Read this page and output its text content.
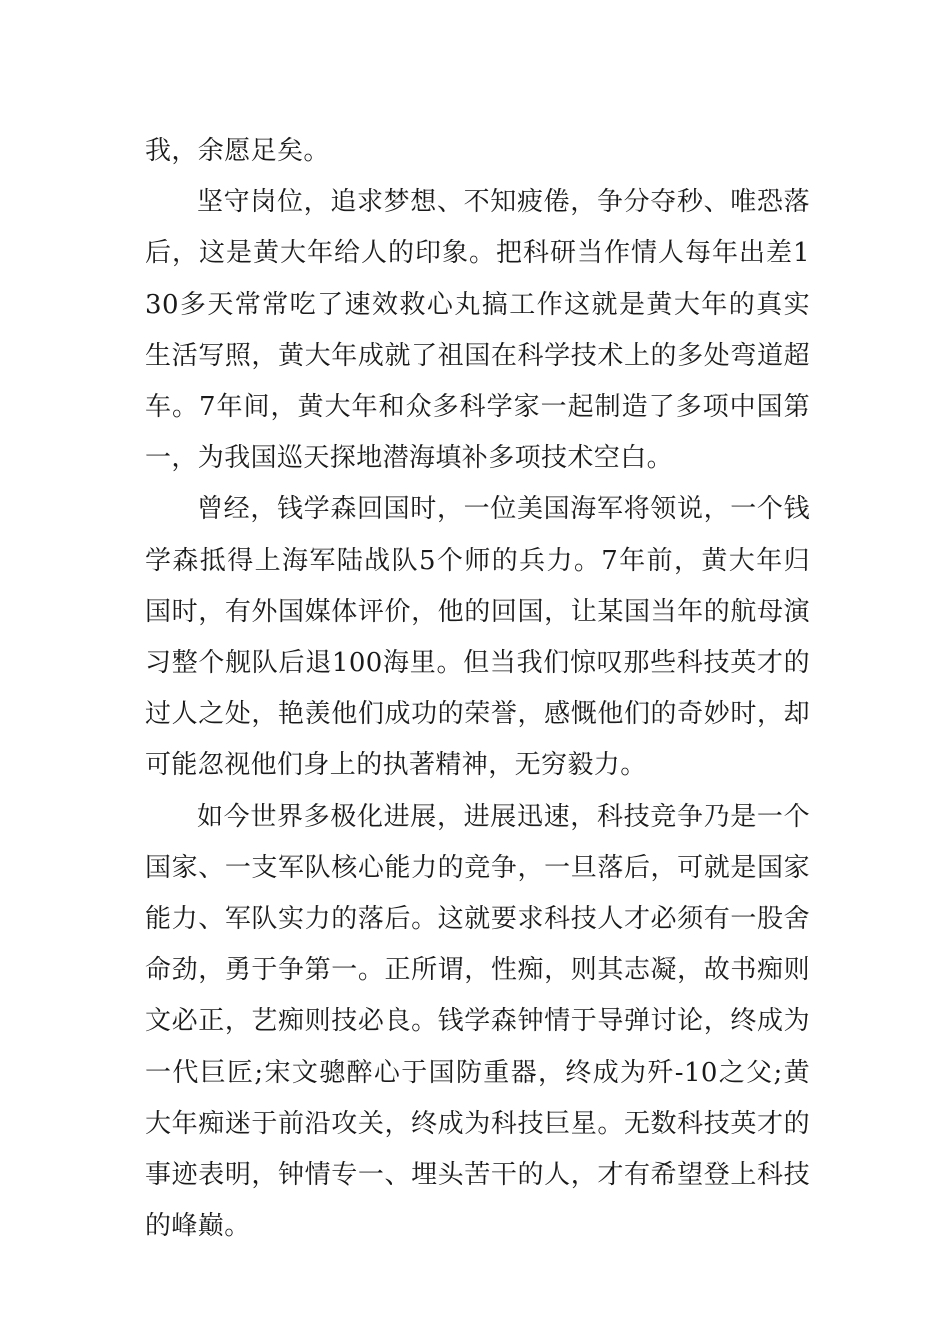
我，余愿足矣。

坚守岗位，追求梦想、不知疲倦，争分夺秒、唯恐落后，这是黄大年给人的印象。把科研当作情人每年出差130多天常常吃了速效救心丸搞工作这就是黄大年的真实生活写照，黄大年成就了祖国在科学技术上的多处弯道超车。7年间，黄大年和众多科学家一起制造了多项中国第一，为我国巡天探地潜海填补多项技术空白。

曾经，钱学森回国时，一位美国海军将领说，一个钱学森抵得上海军陆战队5个师的兵力。7年前，黄大年归国时，有外国媒体评价，他的回国，让某国当年的航母演习整个舰队后退100海里。但当我们惊叹那些科技英才的过人之处，艳羡他们成功的荣誉，感慨他们的奇妙时，却可能忽视他们身上的执著精神，无穷毅力。

如今世界多极化进展，进展迅速，科技竞争乃是一个国家、一支军队核心能力的竞争，一旦落后，可就是国家能力、军队实力的落后。这就要求科技人才必须有一股舍命劲，勇于争第一。正所谓，性痴，则其志凝，故书痴则文必正，艺痴则技必良。钱学森钟情于导弹讨论，终成为一代巨匠;宋文骢醉心于国防重器，终成为歼-10之父;黄大年痴迷于前沿攻关，终成为科技巨星。无数科技英才的事迹表明，钟情专一、埋头苦干的人，才有希望登上科技的峰巅。
